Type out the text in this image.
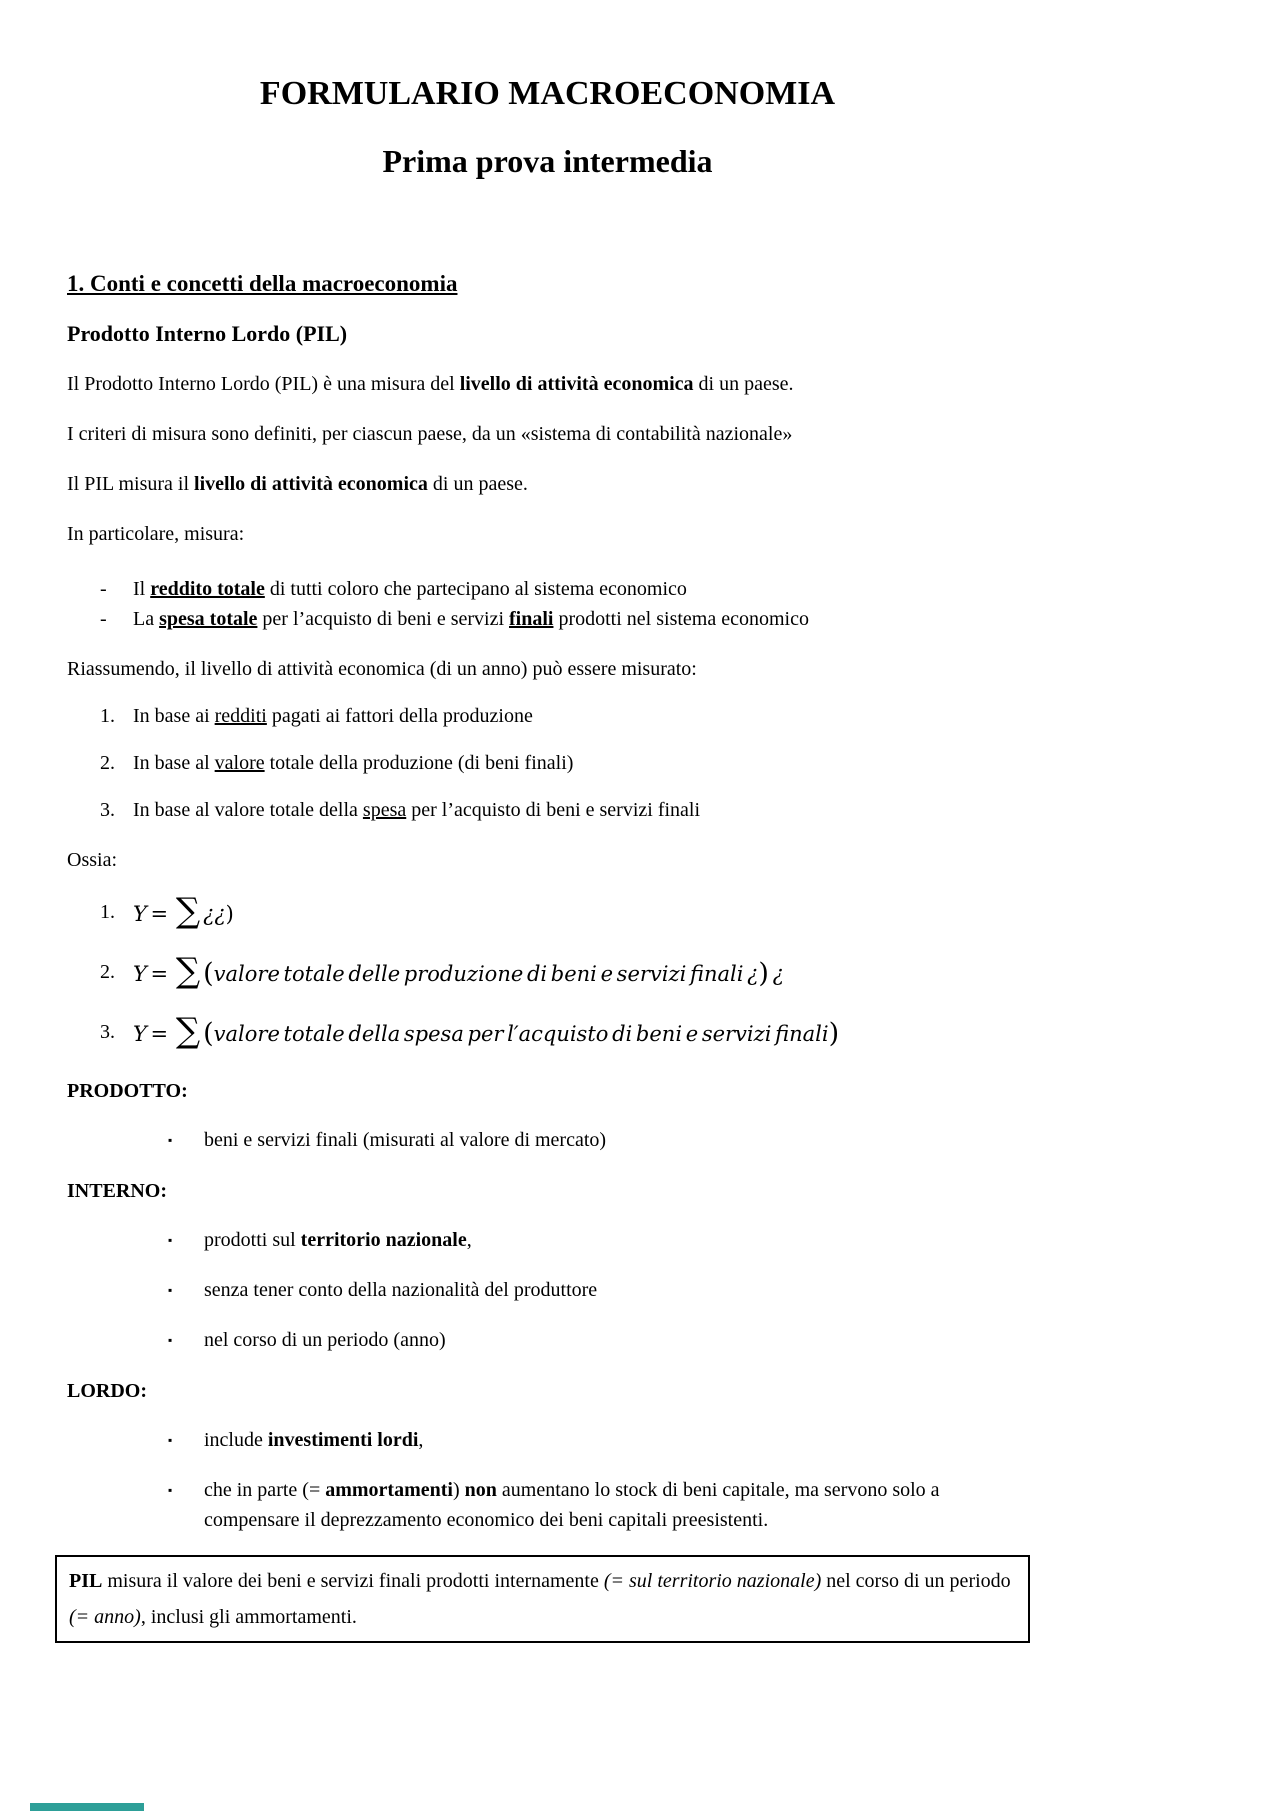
FORMULARIO MACROECONOMIA
Prima prova intermedia
1. Conti e concetti della macroeconomia
Prodotto Interno Lordo (PIL)

Il Prodotto Interno Lordo (PIL) è una misura del livello di attività economica di un paese.

I criteri di misura sono definiti, per ciascun paese, da un «sistema di contabilità nazionale»

Il PIL misura il livello di attività economica di un paese.

In particolare, misura:

-	Il reddito totale di tutti coloro che partecipano al sistema economico
-	La spesa totale per l’acquisto di beni e servizi finali prodotti nel sistema economico

Riassumendo, il livello di attività economica (di un anno) può essere misurato:

1. In base ai redditi pagati ai fattori della produzione
2. In base al valore totale della produzione (di beni finali)
3. In base al valore totale della spesa per l’acquisto di beni e servizi finali

Ossia:

1. Y = ∑ ¿¿)
2. Y = ∑ (valore totale delle produzione di beni e servizi finali ¿) ¿
3. Y = ∑ (valore totale della spesa per l′acquisto di beni e servizi finali)
PRODOTTO:
▪	beni e servizi finali (misurati al valore di mercato)
INTERNO:
▪	prodotti sul territorio nazionale,
▪	senza tener conto della nazionalità del produttore
▪	nel corso di un periodo (anno)
LORDO:
▪	include investimenti lordi,
▪	che in parte (= ammortamenti) non aumentano lo stock di beni capitale, ma servono solo a compensare il deprezzamento economico dei beni capitali preesistenti.
PIL misura il valore dei beni e servizi finali prodotti internamente (= sul territorio nazionale) nel corso di un periodo (= anno), inclusi gli ammortamenti.
